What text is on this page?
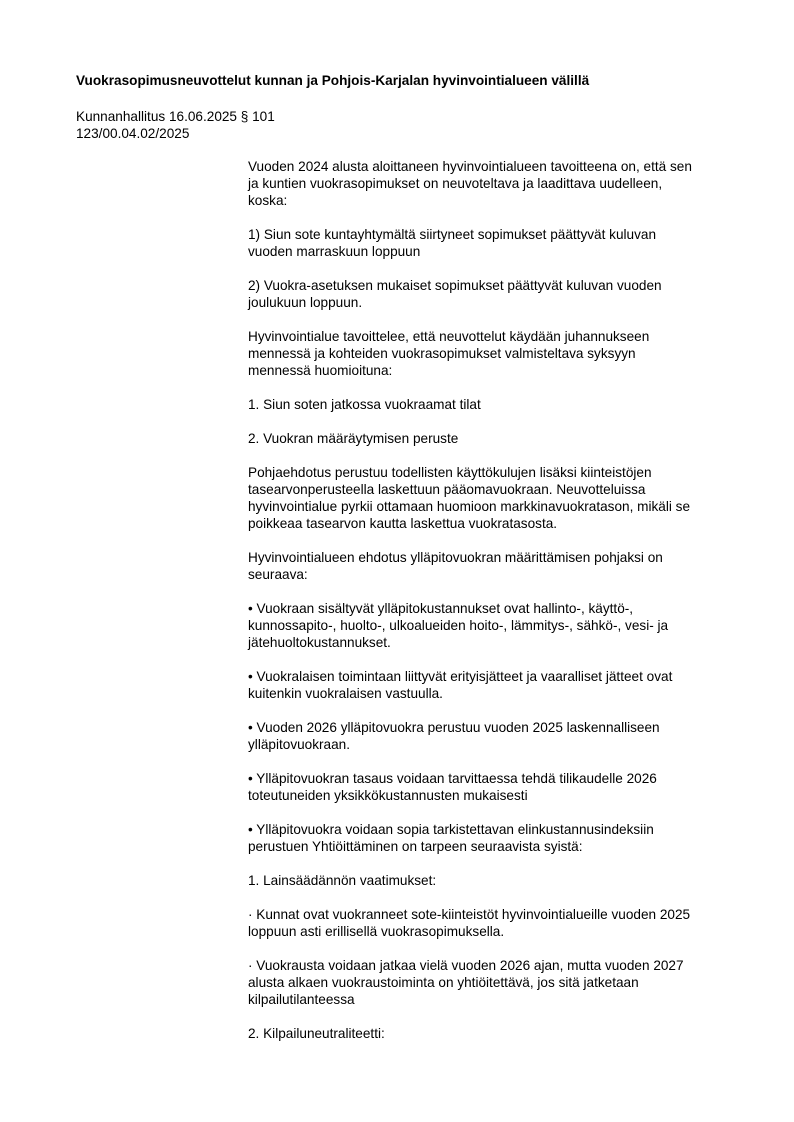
Vuokrasopimusneuvottelut kunnan ja Pohjois-Karjalan hyvinvointialueen välillä
Kunnanhallitus 16.06.2025 § 101
123/00.04.02/2025
Vuoden 2024 alusta aloittaneen hyvinvointialueen tavoitteena on, että sen
ja kuntien vuokrasopimukset on neuvoteltava ja laadittava uudelleen,
koska:
1) Siun sote kuntayhtymältä siirtyneet sopimukset päättyvät kuluvan
vuoden marraskuun loppuun
2) Vuokra-asetuksen mukaiset sopimukset päättyvät kuluvan vuoden
joulukuun loppuun.
Hyvinvointialue tavoittelee, että neuvottelut käydään juhannukseen
mennessä ja kohteiden vuokrasopimukset valmisteltava syksyyn
mennessä huomioituna:
1. Siun soten jatkossa vuokraamat tilat
2. Vuokran määräytymisen peruste
Pohjaehdotus perustuu todellisten käyttökulujen lisäksi kiinteistöjen
tasearvonperusteella laskettuun pääomavuokraan. Neuvotteluissa
hyvinvointialue pyrkii ottamaan huomioon markkinavuokratason, mikäli se
poikkeaa tasearvon kautta laskettua vuokratasosta.
Hyvinvointialueen ehdotus ylläpitovuokran määrittämisen pohjaksi on
seuraava:
• Vuokraan sisältyvät ylläpitokustannukset ovat hallinto-, käyttö-,
kunnossapito-, huolto-, ulkoalueiden hoito-, lämmitys-, sähkö-, vesi- ja
jätehuoltokustannukset.
• Vuokralaisen toimintaan liittyvät erityisjätteet ja vaaralliset jätteet ovat
kuitenkin vuokralaisen vastuulla.
• Vuoden 2026 ylläpitovuokra perustuu vuoden 2025 laskennalliseen
ylläpitovuokraan.
• Ylläpitovuokran tasaus voidaan tarvittaessa tehdä tilikaudelle 2026
toteutuneiden yksikkökustannusten mukaisesti
• Ylläpitovuokra voidaan sopia tarkistettavan elinkustannusindeksiin
perustuen Yhtiöittäminen on tarpeen seuraavista syistä:
1. Lainsäädännön vaatimukset:
· Kunnat ovat vuokranneet sote-kiinteistöt hyvinvointialueille vuoden 2025
loppuun asti erillisellä vuokrasopimuksella.
· Vuokrausta voidaan jatkaa vielä vuoden 2026 ajan, mutta vuoden 2027
alusta alkaen vuokraustoiminta on yhtiöitettävä, jos sitä jatketaan
kilpailutilanteessa
2. Kilpailuneutraliteetti:
